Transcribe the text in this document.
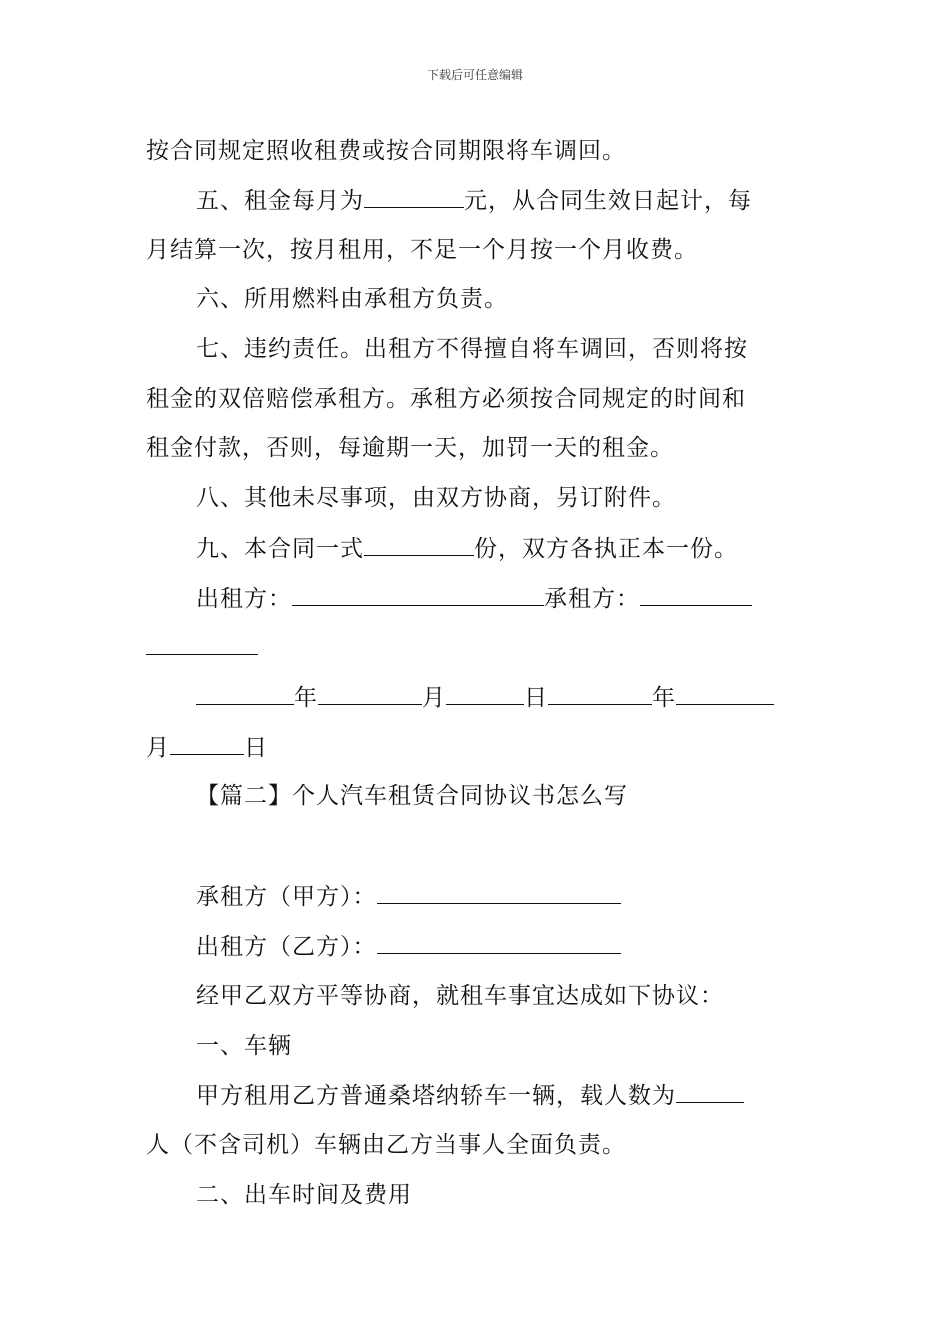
下载后可任意编辑
按合同规定照收租费或按合同期限将车调回。
五、租金每月为	元，从合同生效日起计，每
月结算一次，按月租用，不足一个月按一个月收费。
六、所用燃料由承租方负责。
七、违约责任。出租方不得擅自将车调回，否则将按
租金的双倍赔偿承租方。承租方必须按合同规定的时间和
租金付款，否则，每逾期一天，加罚一天的租金。
八、其他未尽事项，由双方协商，另订附件。
九、本合同一式	份，双方各执正本一份。
出租方：	承租方：
年	月	日	年
月	日
【篇二】个人汽车租赁合同协议书怎么写
承租方（甲方）：
出租方（乙方）：
经甲乙双方平等协商，就租车事宜达成如下协议：
一、车辆
甲方租用乙方普通桑塔纳轿车一辆，载人数为
人（不含司机）车辆由乙方当事人全面负责。
二、出车时间及费用
